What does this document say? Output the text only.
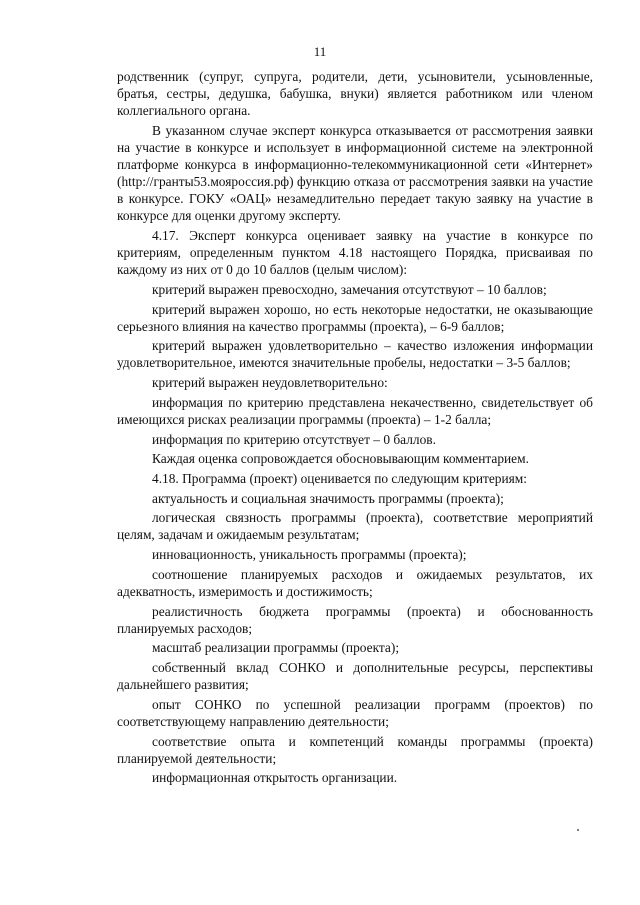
11

родственник (супруг, супруга, родители, дети, усыновители, усыновленные, братья, сестры, дедушка, бабушка, внуки) является работником или членом коллегиального органа.

В указанном случае эксперт конкурса отказывается от рассмотрения заявки на участие в конкурсе и использует в информационной системе на электронной платформе конкурса в информационно-телекоммуникационной сети «Интернет» (http://гранты53.мояроссия.рф) функцию отказа от рассмотрения заявки на участие в конкурсе. ГОКУ «ОАЦ» незамедлительно передает такую заявку на участие в конкурсе для оценки другому эксперту.

4.17. Эксперт конкурса оценивает заявку на участие в конкурсе по критериям, определенным пунктом 4.18 настоящего Порядка, присваивая по каждому из них от 0 до 10 баллов (целым числом):

критерий выражен превосходно, замечания отсутствуют – 10 баллов;

критерий выражен хорошо, но есть некоторые недостатки, не оказывающие серьезного влияния на качество программы (проекта), – 6-9 баллов;

критерий выражен удовлетворительно – качество изложения информации удовлетворительное, имеются значительные пробелы, недостатки – 3-5 баллов;

критерий выражен неудовлетворительно:

информация по критерию представлена некачественно, свидетельствует об имеющихся рисках реализации программы (проекта) – 1-2 балла;

информация по критерию отсутствует – 0 баллов.

Каждая оценка сопровождается обосновывающим комментарием.

4.18. Программа (проект) оценивается по следующим критериям:

актуальность и социальная значимость программы (проекта);

логическая связность программы (проекта), соответствие мероприятий целям, задачам и ожидаемым результатам;

инновационность, уникальность программы (проекта);

соотношение планируемых расходов и ожидаемых результатов, их адекватность, измеримость и достижимость;

реалистичность бюджета программы (проекта) и обоснованность планируемых расходов;

масштаб реализации программы (проекта);

собственный вклад СОНКО и дополнительные ресурсы, перспективы дальнейшего развития;

опыт СОНКО по успешной реализации программ (проектов) по соответствующему направлению деятельности;

соответствие опыта и компетенций команды программы (проекта) планируемой деятельности;

информационная открытость организации.
